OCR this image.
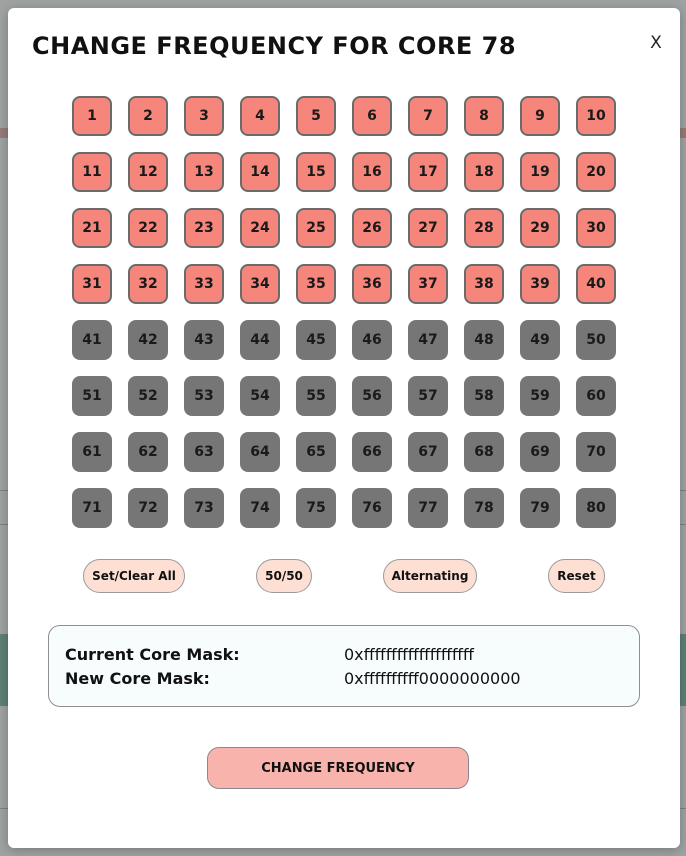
X
CHANGE FREQUENCY FOR CORE 78
1	2	3	4	5	6	7	8	9	10
11	12	13	14	15	16	17	18	19	20
21	22	23	24	25	26	27	28	29	30
31	32	33	34	35	36	37	38	39	40
41	42	43	44	45	46	47	48	49	50
51	52	53	54	55	56	57	58	59	60
61	62	63	64	65	66	67	68	69	70
71	72	73	74	75	76	77	78	79	80
Set/Clear All	50/50	Alternating	Reset
Current Core Mask:	0xffffffffffffffffffff
New Core Mask:	0xffffffffff0000000000
CHANGE FREQUENCY
